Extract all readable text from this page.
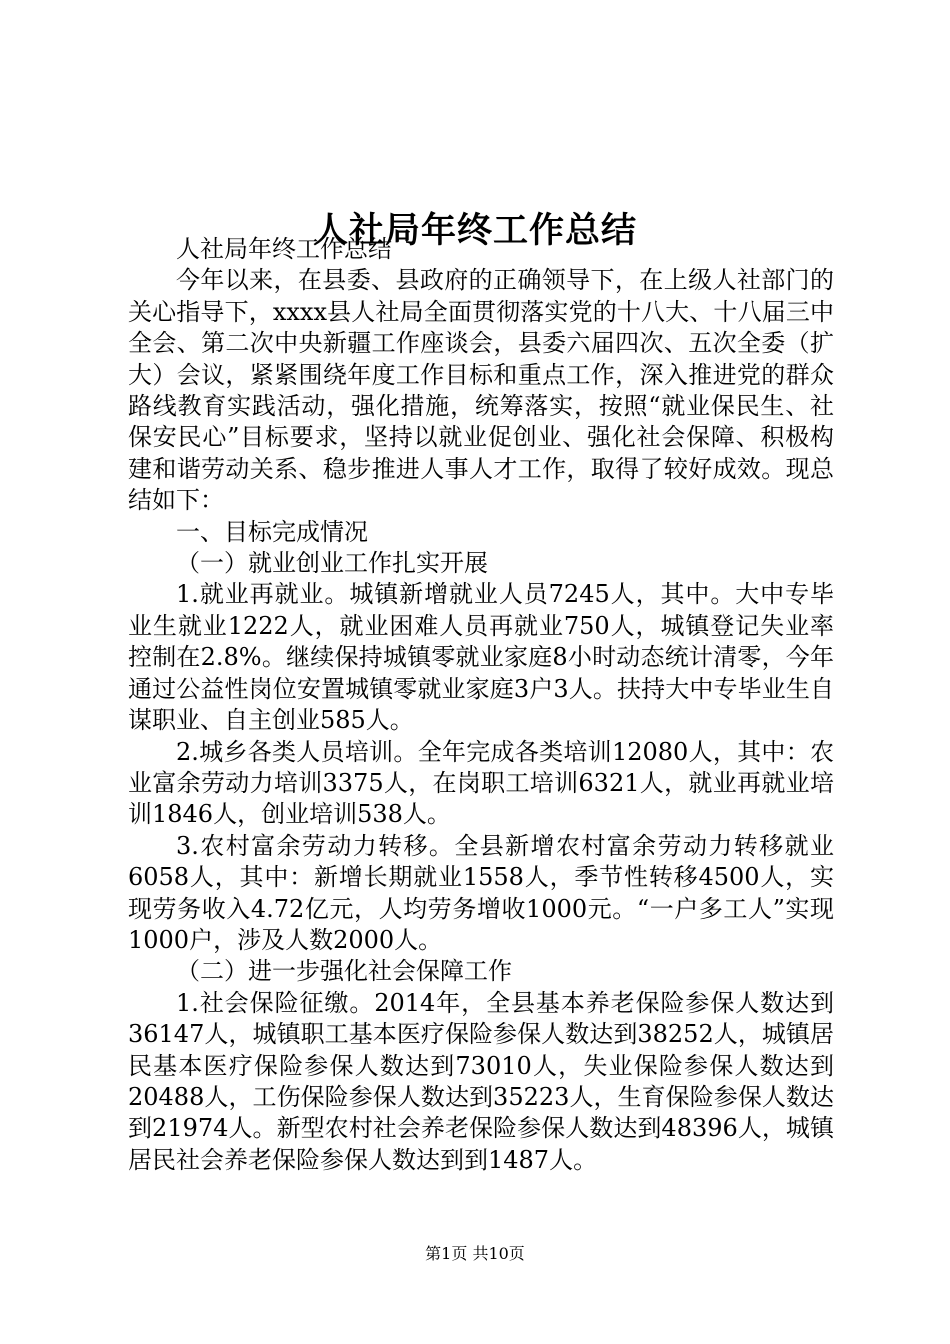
人社局年终工作总结

人社局年终工作总结

今年以来，在县委、县政府的正确领导下，在上级人社部门的关心指导下，xxxx县人社局全面贯彻落实党的十八大、十八届三中全会、第二次中央新疆工作座谈会，县委六届四次、五次全委（扩大）会议，紧紧围绕年度工作目标和重点工作，深入推进党的群众路线教育实践活动，强化措施，统筹落实，按照“就业保民生、社保安民心”目标要求，坚持以就业促创业、强化社会保障、积极构建和谐劳动关系、稳步推进人事人才工作，取得了较好成效。现总结如下：

一、目标完成情况

（一）就业创业工作扎实开展

1.就业再就业。城镇新增就业人员7245人，其中。大中专毕业生就业1222人，就业困难人员再就业750人，城镇登记失业率控制在2.8%。继续保持城镇零就业家庭8小时动态统计清零，今年通过公益性岗位安置城镇零就业家庭3户3人。扶持大中专毕业生自谋职业、自主创业585人。

2.城乡各类人员培训。全年完成各类培训12080人，其中：农业富余劳动力培训3375人，在岗职工培训6321人，就业再就业培训1846人，创业培训538人。

3.农村富余劳动力转移。全县新增农村富余劳动力转移就业6058人，其中：新增长期就业1558人，季节性转移4500人，实现劳务收入4.72亿元，人均劳务增收1000元。“一户多工人”实现1000户，涉及人数2000人。

（二）进一步强化社会保障工作

1.社会保险征缴。2014年，全县基本养老保险参保人数达到36147人，城镇职工基本医疗保险参保人数达到38252人，城镇居民基本医疗保险参保人数达到73010人，失业保险参保人数达到20488人，工伤保险参保人数达到35223人，生育保险参保人数达到21974人。新型农村社会养老保险参保人数达到48396人，城镇居民社会养老保险参保人数达到到1487人。

第1页 共10页
